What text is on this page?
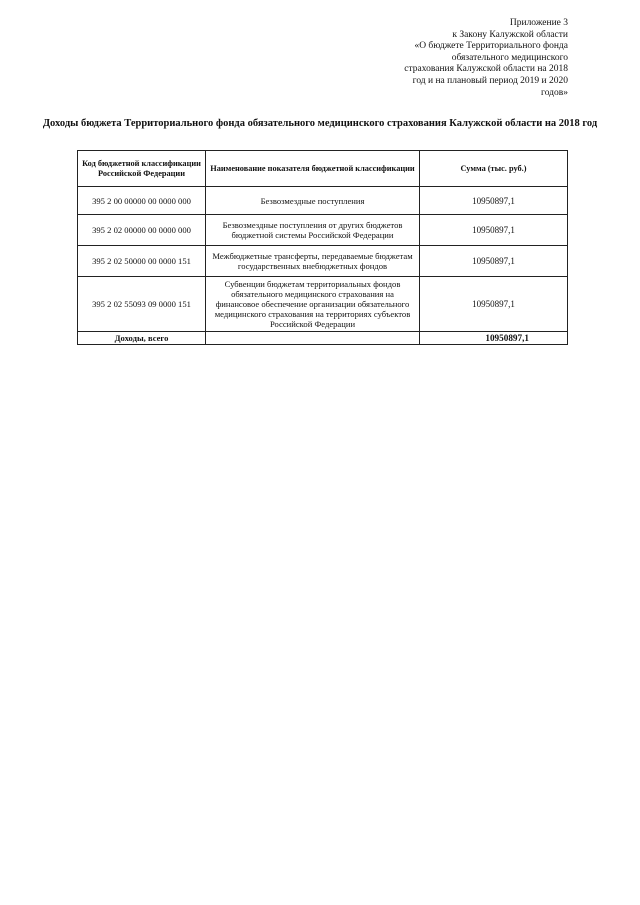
Приложение 3
к Закону Калужской области
«О бюджете Территориального фонда
обязательного медицинского
страхования Калужской области на 2018
год и на плановый период 2019 и 2020
годов»
Доходы бюджета Территориального фонда обязательного медицинского страхования Калужской области на 2018 год
Код бюджетной классификации Российской Федерации	Наименование показателя бюджетной классификации	Сумма (тыс. руб.)
395 2 00 00000 00 0000 000	Безвозмездные поступления	10950897,1
395 2 02 00000 00 0000 000	Безвозмездные поступления от других бюджетов бюджетной системы Российской Федерации	10950897,1
395 2 02 50000 00 0000 151	Межбюджетные трансферты, передаваемые бюджетам государственных внебюджетных фондов	10950897,1
395 2 02 55093 09 0000 151	Субвенции бюджетам территориальных фондов обязательного медицинского страхования на финансовое обеспечение организации обязательного медицинского страхования на территориях субъектов Российской Федерации	10950897,1
Доходы, всего		10950897,1
